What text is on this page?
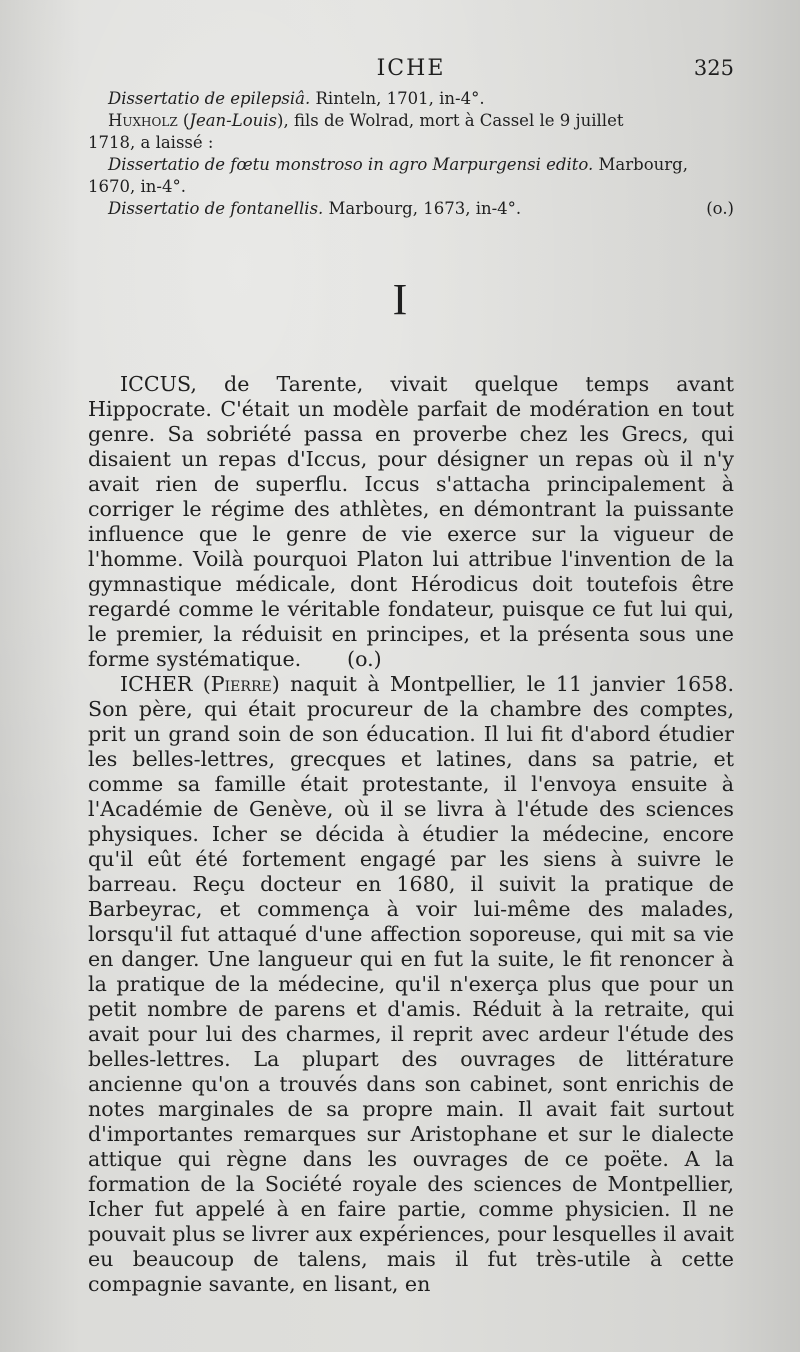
ICHE	325

Dissertatio de epilepsiâ. Rinteln, 1701, in-4°.

Huxholz (Jean-Louis), fils de Wolrad, mort à Cassel le 9 juillet

1718, a laissé :

Dissertatio de fœtu monstroso in agro Marpurgensi edito. Marbourg,

1670, in-4°.

Dissertatio de fontanellis. Marbourg, 1673, in-4°.	(o.)

I

ICCUS, de Tarente, vivait quelque temps avant Hippocrate. C'était un modèle parfait de modération en tout genre. Sa sobriété passa en proverbe chez les Grecs, qui disaient un repas d'Iccus, pour désigner un repas où il n'y avait rien de superflu. Iccus s'attacha principalement à corriger le régime des athlètes, en démontrant la puissante influence que le genre de vie exerce sur la vigueur de l'homme. Voilà pourquoi Platon lui attribue l'invention de la gymnastique médicale, dont Hérodicus doit toutefois être regardé comme le véritable fondateur, puisque ce fut lui qui, le premier, la réduisit en principes, et la présenta sous une forme systématique. (o.)

ICHER (Pierre) naquit à Montpellier, le 11 janvier 1658. Son père, qui était procureur de la chambre des comptes, prit un grand soin de son éducation. Il lui fit d'abord étudier les belles-lettres, grecques et latines, dans sa patrie, et comme sa famille était protestante, il l'envoya ensuite à l'Académie de Genève, où il se livra à l'étude des sciences physiques. Icher se décida à étudier la médecine, encore qu'il eût été fortement engagé par les siens à suivre le barreau. Reçu docteur en 1680, il suivit la pratique de Barbeyrac, et commença à voir lui-même des malades, lorsqu'il fut attaqué d'une affection soporeuse, qui mit sa vie en danger. Une langueur qui en fut la suite, le fit renoncer à la pratique de la médecine, qu'il n'exerça plus que pour un petit nombre de parens et d'amis. Réduit à la retraite, qui avait pour lui des charmes, il reprit avec ardeur l'étude des belles-lettres. La plupart des ouvrages de littérature ancienne qu'on a trouvés dans son cabinet, sont enrichis de notes marginales de sa propre main. Il avait fait surtout d'importantes remarques sur Aristophane et sur le dialecte attique qui règne dans les ouvrages de ce poëte. A la formation de la Société royale des sciences de Montpellier, Icher fut appelé à en faire partie, comme physicien. Il ne pouvait plus se livrer aux expériences, pour lesquelles il avait eu beaucoup de talens, mais il fut très-utile à cette compagnie savante, en lisant, en
